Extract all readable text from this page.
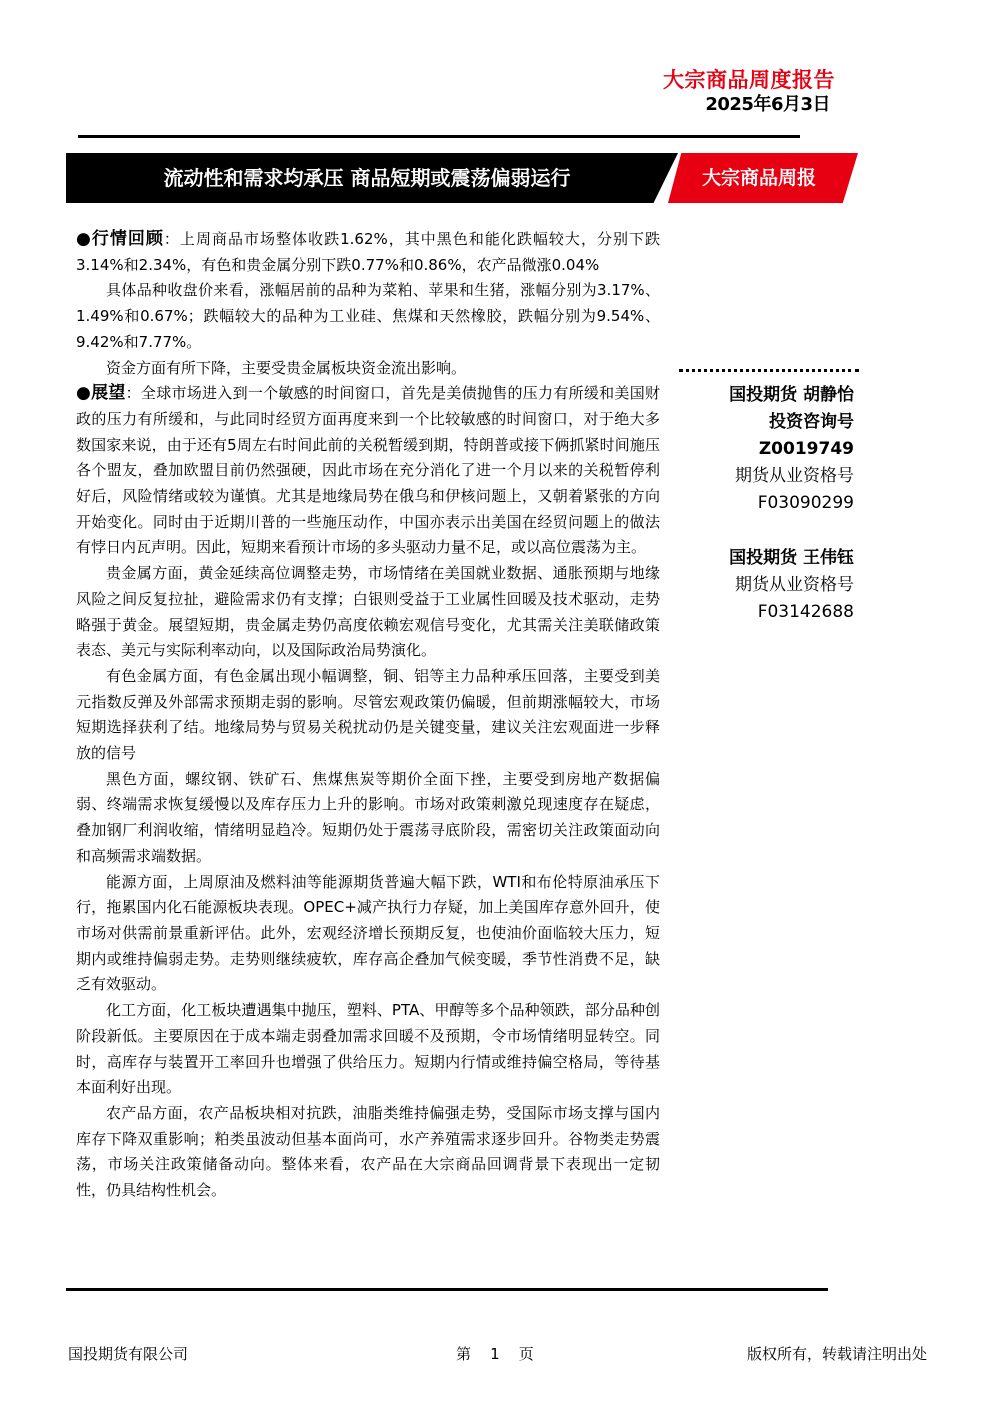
大宗商品周度报告
2025年6月3日
流动性和需求均承压 商品短期或震荡偏弱运行	大宗商品周报

●行情回顾：上周商品市场整体收跌1.62%，其中黑色和能化跌幅较大，分别下跌3.14%和2.34%，有色和贵金属分别下跌0.77%和0.86%，农产品微涨0.04%

具体品种收盘价来看，涨幅居前的品种为菜粕、苹果和生猪，涨幅分别为3.17%、1.49%和0.67%；跌幅较大的品种为工业硅、焦煤和天然橡胶，跌幅分别为9.54%、9.42%和7.77%。

资金方面有所下降，主要受贵金属板块资金流出影响。

●展望：全球市场进入到一个敏感的时间窗口，首先是美债抛售的压力有所缓和美国财政的压力有所缓和，与此同时经贸方面再度来到一个比较敏感的时间窗口，对于绝大多数国家来说，由于还有5周左右时间此前的关税暂缓到期，特朗普或接下俩抓紧时间施压各个盟友，叠加欧盟目前仍然强硬，因此市场在充分消化了进一个月以来的关税暂停利好后，风险情绪或较为谨慎。尤其是地缘局势在俄乌和伊核问题上，又朝着紧张的方向开始变化。同时由于近期川普的一些施压动作，中国亦表示出美国在经贸问题上的做法有悖日内瓦声明。因此，短期来看预计市场的多头驱动力量不足，或以高位震荡为主。

贵金属方面，黄金延续高位调整走势，市场情绪在美国就业数据、通胀预期与地缘风险之间反复拉扯，避险需求仍有支撑；白银则受益于工业属性回暖及技术驱动，走势略强于黄金。展望短期，贵金属走势仍高度依赖宏观信号变化，尤其需关注美联储政策表态、美元与实际利率动向，以及国际政治局势演化。

有色金属方面，有色金属出现小幅调整，铜、铝等主力品种承压回落，主要受到美元指数反弹及外部需求预期走弱的影响。尽管宏观政策仍偏暖，但前期涨幅较大，市场短期选择获利了结。地缘局势与贸易关税扰动仍是关键变量，建议关注宏观面进一步释放的信号

黑色方面，螺纹钢、铁矿石、焦煤焦炭等期价全面下挫，主要受到房地产数据偏弱、终端需求恢复缓慢以及库存压力上升的影响。市场对政策刺激兑现速度存在疑虑，叠加钢厂利润收缩，情绪明显趋冷。短期仍处于震荡寻底阶段，需密切关注政策面动向和高频需求端数据。

能源方面，上周原油及燃料油等能源期货普遍大幅下跌，WTI和布伦特原油承压下行，拖累国内化石能源板块表现。OPEC+减产执行力存疑，加上美国库存意外回升，使市场对供需前景重新评估。此外，宏观经济增长预期反复，也使油价面临较大压力，短期内或维持偏弱走势。走势则继续疲软，库存高企叠加气候变暖，季节性消费不足，缺乏有效驱动。

化工方面，化工板块遭遇集中抛压，塑料、PTA、甲醇等多个品种领跌，部分品种创阶段新低。主要原因在于成本端走弱叠加需求回暖不及预期，令市场情绪明显转空。同时，高库存与装置开工率回升也增强了供给压力。短期内行情或维持偏空格局，等待基本面利好出现。

农产品方面，农产品板块相对抗跌，油脂类维持偏强走势，受国际市场支撑与国内库存下降双重影响；粕类虽波动但基本面尚可，水产养殖需求逐步回升。谷物类走势震荡，市场关注政策储备动向。整体来看，农产品在大宗商品回调背景下表现出一定韧性，仍具结构性机会。

国投期货 胡静怡
投资咨询号
Z0019749
期货从业资格号
F03090299
国投期货 王伟钰
期货从业资格号
F03142688
国投期货有限公司	第    1    页	版权所有，转载请注明出处
